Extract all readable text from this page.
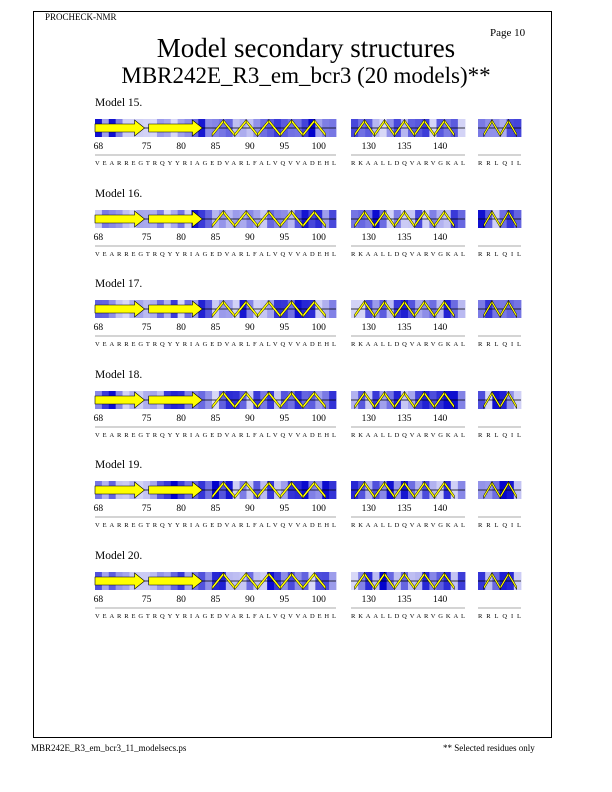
PROCHECK-NMR
Page 10
Model secondary structures
MBR242E_R3_em_bcr3 (20 models)**
Model 15.
68	75	80	85	90	95 100
VEARREGTRQYYRIAGEDVARLFALVQVVADEHL
130 135 140
RKAALLDQVARVGKAL RRLQIL
Model 16.
68	75	80	85	90	95 100
VEARREGTRQYYRIAGEDVARLFALVQVVADEHL
130 135 140
RKAALLDQVARVGKAL RRLQIL
Model 17.
68	75	80	85	90	95 100
VEARREGTRQYYRIAGEDVARLFALVQVVADEHL
130 135 140
RKAALLDQVARVGKAL RRLQIL
Model 18.
68	75	80	85	90	95 100
VEARREGTRQYYRIAGEDVARLFALVQVVADEHL
130 135 140
RKAALLDQVARVGKAL RRLQIL
Model 19.
68	75	80	85	90	95 100
VEARREGTRQYYRIAGEDVARLFALVQVVADEHL
130 135 140
RKAALLDQVARVGKAL RRLQIL
Model 20.
68	75	80	85	90	95 100
VEARREGTRQYYRIAGEDVARLFALVQVVADEHL
130 135 140
RKAALLDQVARVGKAL RRLQIL
MBR242E_R3_em_bcr3_11_modelsecs.ps	** Selected residues only
